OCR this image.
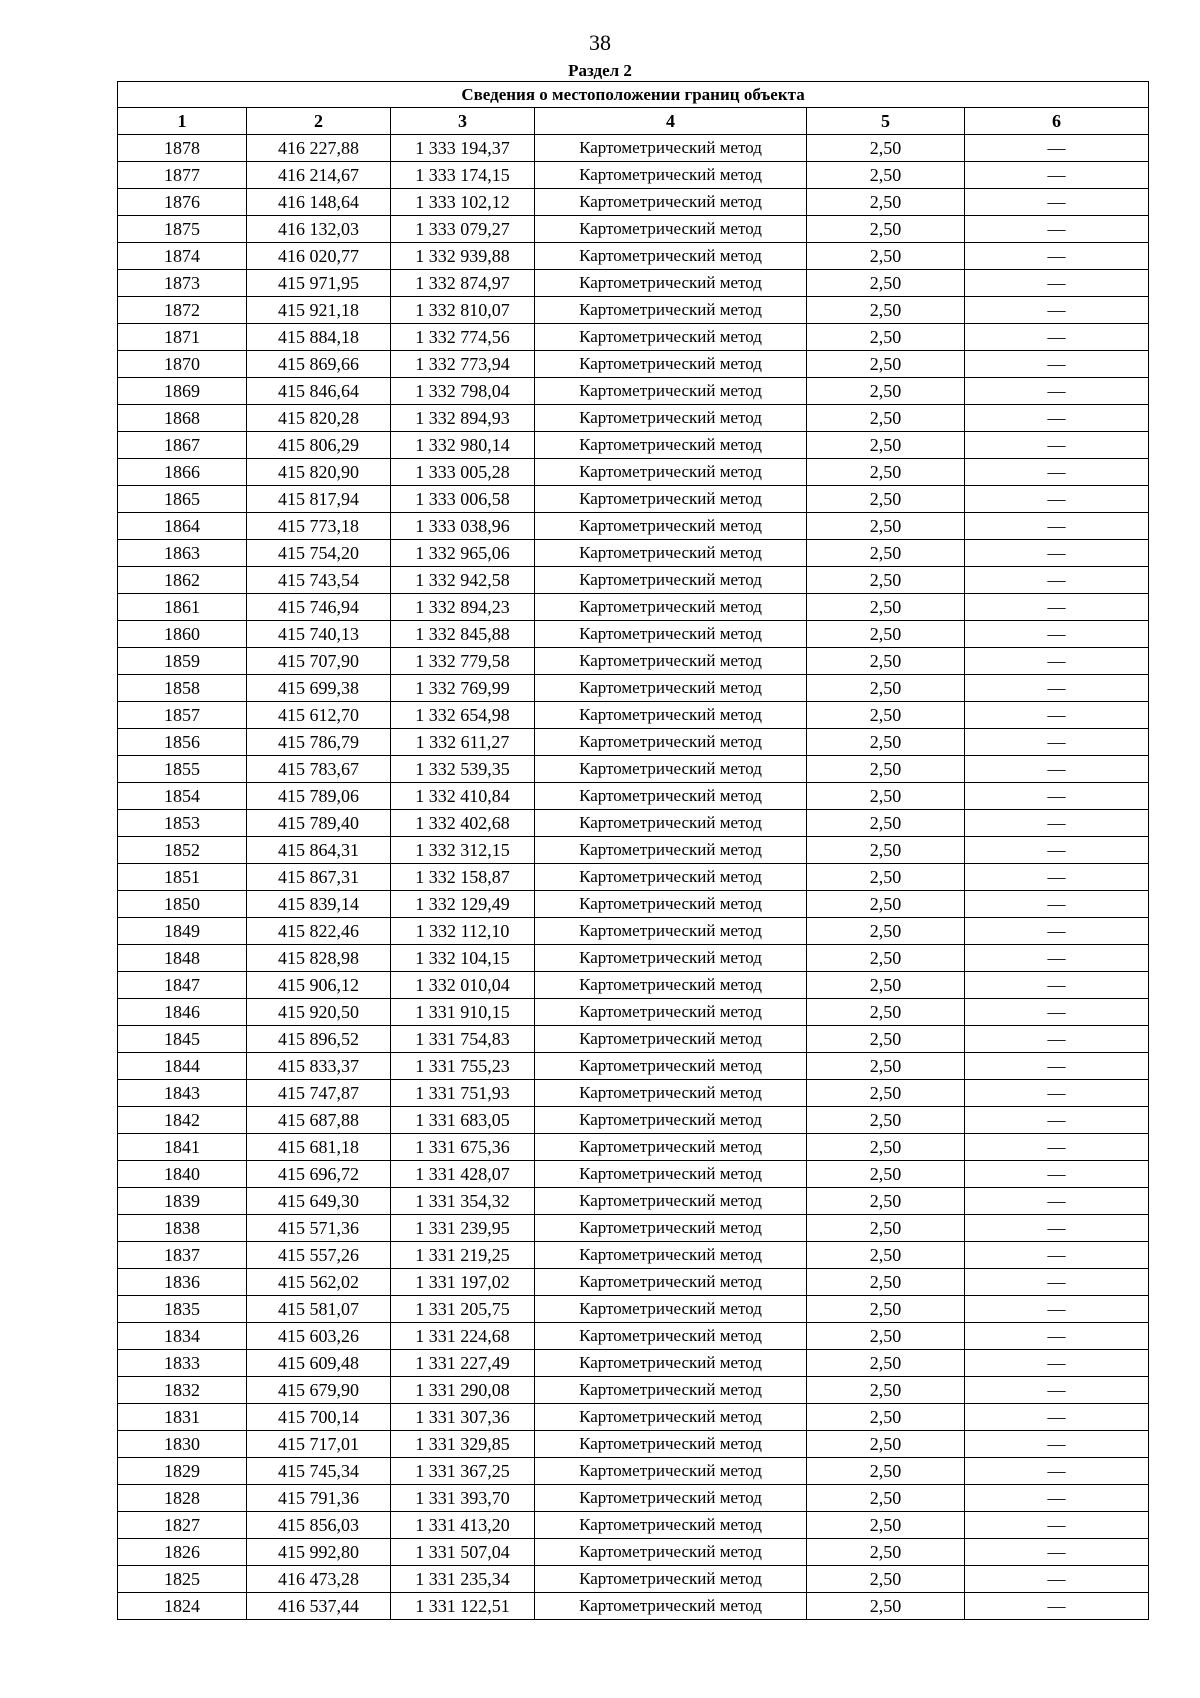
38
Раздел 2
Сведения о местоположении границ объекта					
1	2	3	4	5	6
1878	416 227,88	1 333 194,37	Картометрический метод	2,50	—
1877	416 214,67	1 333 174,15	Картометрический метод	2,50	—
1876	416 148,64	1 333 102,12	Картометрический метод	2,50	—
1875	416 132,03	1 333 079,27	Картометрический метод	2,50	—
1874	416 020,77	1 332 939,88	Картометрический метод	2,50	—
1873	415 971,95	1 332 874,97	Картометрический метод	2,50	—
1872	415 921,18	1 332 810,07	Картометрический метод	2,50	—
1871	415 884,18	1 332 774,56	Картометрический метод	2,50	—
1870	415 869,66	1 332 773,94	Картометрический метод	2,50	—
1869	415 846,64	1 332 798,04	Картометрический метод	2,50	—
1868	415 820,28	1 332 894,93	Картометрический метод	2,50	—
1867	415 806,29	1 332 980,14	Картометрический метод	2,50	—
1866	415 820,90	1 333 005,28	Картометрический метод	2,50	—
1865	415 817,94	1 333 006,58	Картометрический метод	2,50	—
1864	415 773,18	1 333 038,96	Картометрический метод	2,50	—
1863	415 754,20	1 332 965,06	Картометрический метод	2,50	—
1862	415 743,54	1 332 942,58	Картометрический метод	2,50	—
1861	415 746,94	1 332 894,23	Картометрический метод	2,50	—
1860	415 740,13	1 332 845,88	Картометрический метод	2,50	—
1859	415 707,90	1 332 779,58	Картометрический метод	2,50	—
1858	415 699,38	1 332 769,99	Картометрический метод	2,50	—
1857	415 612,70	1 332 654,98	Картометрический метод	2,50	—
1856	415 786,79	1 332 611,27	Картометрический метод	2,50	—
1855	415 783,67	1 332 539,35	Картометрический метод	2,50	—
1854	415 789,06	1 332 410,84	Картометрический метод	2,50	—
1853	415 789,40	1 332 402,68	Картометрический метод	2,50	—
1852	415 864,31	1 332 312,15	Картометрический метод	2,50	—
1851	415 867,31	1 332 158,87	Картометрический метод	2,50	—
1850	415 839,14	1 332 129,49	Картометрический метод	2,50	—
1849	415 822,46	1 332 112,10	Картометрический метод	2,50	—
1848	415 828,98	1 332 104,15	Картометрический метод	2,50	—
1847	415 906,12	1 332 010,04	Картометрический метод	2,50	—
1846	415 920,50	1 331 910,15	Картометрический метод	2,50	—
1845	415 896,52	1 331 754,83	Картометрический метод	2,50	—
1844	415 833,37	1 331 755,23	Картометрический метод	2,50	—
1843	415 747,87	1 331 751,93	Картометрический метод	2,50	—
1842	415 687,88	1 331 683,05	Картометрический метод	2,50	—
1841	415 681,18	1 331 675,36	Картометрический метод	2,50	—
1840	415 696,72	1 331 428,07	Картометрический метод	2,50	—
1839	415 649,30	1 331 354,32	Картометрический метод	2,50	—
1838	415 571,36	1 331 239,95	Картометрический метод	2,50	—
1837	415 557,26	1 331 219,25	Картометрический метод	2,50	—
1836	415 562,02	1 331 197,02	Картометрический метод	2,50	—
1835	415 581,07	1 331 205,75	Картометрический метод	2,50	—
1834	415 603,26	1 331 224,68	Картометрический метод	2,50	—
1833	415 609,48	1 331 227,49	Картометрический метод	2,50	—
1832	415 679,90	1 331 290,08	Картометрический метод	2,50	—
1831	415 700,14	1 331 307,36	Картометрический метод	2,50	—
1830	415 717,01	1 331 329,85	Картометрический метод	2,50	—
1829	415 745,34	1 331 367,25	Картометрический метод	2,50	—
1828	415 791,36	1 331 393,70	Картометрический метод	2,50	—
1827	415 856,03	1 331 413,20	Картометрический метод	2,50	—
1826	415 992,80	1 331 507,04	Картометрический метод	2,50	—
1825	416 473,28	1 331 235,34	Картометрический метод	2,50	—
1824	416 537,44	1 331 122,51	Картометрический метод	2,50	—
